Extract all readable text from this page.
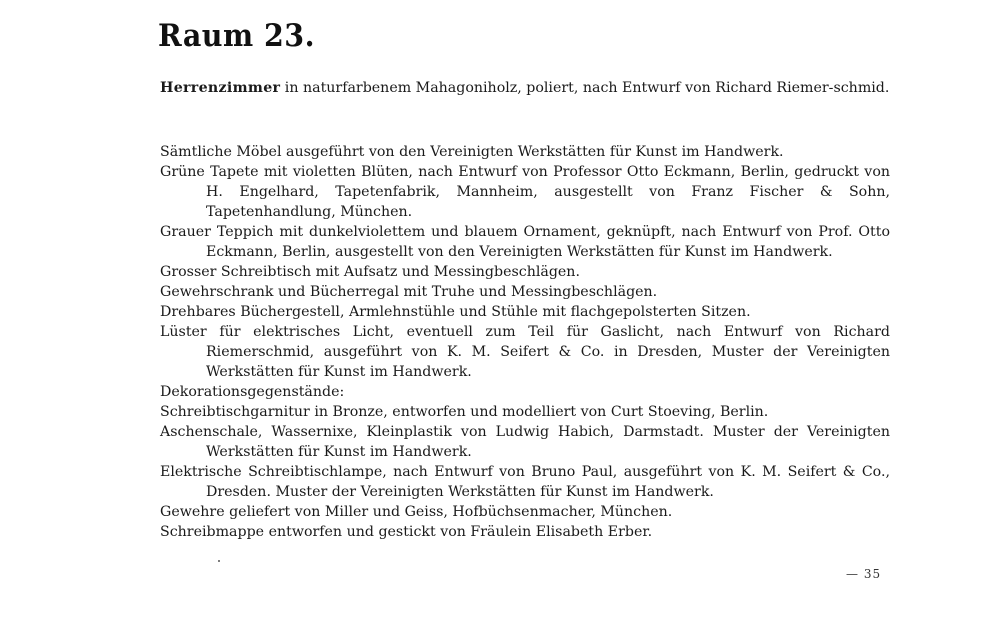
Raum 23.

Herrenzimmer in naturfarbenem Mahagoniholz, poliert, nach Entwurf von Richard Riemer-schmid.

Sämtliche Möbel ausgeführt von den Vereinigten Werkstätten für Kunst im Handwerk.
Grüne Tapete mit violetten Blüten, nach Entwurf von Professor Otto Eckmann, Berlin, gedruckt von H. Engelhard, Tapetenfabrik, Mannheim, ausgestellt von Franz Fischer & Sohn, Tapetenhandlung, München.
Grauer Teppich mit dunkelviolettem und blauem Ornament, geknüpft, nach Entwurf von Prof. Otto Eckmann, Berlin, ausgestellt von den Vereinigten Werkstätten für Kunst im Handwerk.
Grosser Schreibtisch mit Aufsatz und Messingbeschlägen.
Gewehrschrank und Bücherregal mit Truhe und Messingbeschlägen.
Drehbares Büchergestell, Armlehnstühle und Stühle mit flachgepolsterten Sitzen.
Lüster für elektrisches Licht, eventuell zum Teil für Gaslicht, nach Entwurf von Richard Riemerschmid, ausgeführt von K. M. Seifert & Co. in Dresden, Muster der Vereinigten Werkstätten für Kunst im Handwerk.
Dekorationsgegenstände:
Schreibtischgarnitur in Bronze, entworfen und modelliert von Curt Stoeving, Berlin.
Aschenschale, Wassernixe, Kleinplastik von Ludwig Habich, Darmstadt. Muster der Vereinigten Werkstätten für Kunst im Handwerk.
Elektrische Schreibtischlampe, nach Entwurf von Bruno Paul, ausgeführt von K. M. Seifert & Co., Dresden. Muster der Vereinigten Werkstätten für Kunst im Handwerk.
Gewehre geliefert von Miller und Geiss, Hofbüchsenmacher, München.
Schreibmappe entworfen und gestickt von Fräulein Elisabeth Erber.
— 35
